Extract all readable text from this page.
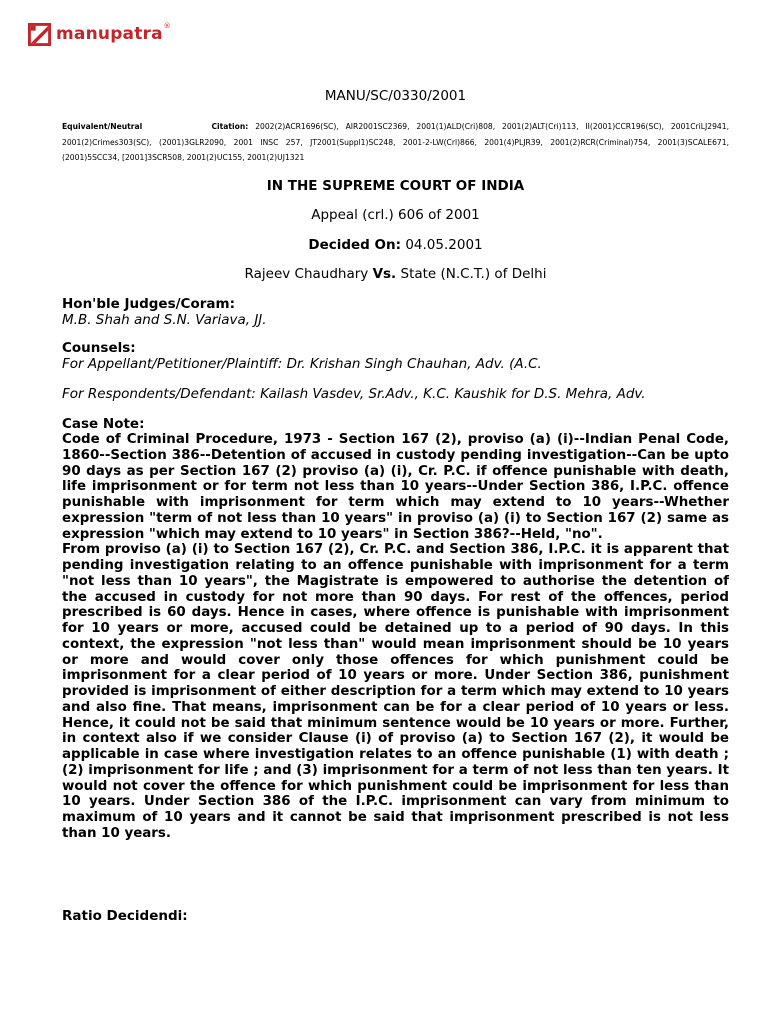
manupatra ®
MANU/SC/0330/2001
Equivalent/Neutral	Citation: 2002(2)ACR1696(SC), AIR2001SC2369, 2001(1)ALD(Cri)808, 2001(2)ALT(Cri)113, II(2001)CCR196(SC), 2001CriLJ2941, 2001(2)Crimes303(SC), (2001)3GLR2090, 2001 INSC 257, JT2001(Suppl1)SC248, 2001-2-LW(Crl)866, 2001(4)PLJR39, 2001(2)RCR(Criminal)754, 2001(3)SCALE671, (2001)5SCC34, [2001]3SCR508, 2001(2)UC155, 2001(2)UJ1321
IN THE SUPREME COURT OF INDIA
Appeal (crl.) 606 of 2001
Decided On: 04.05.2001
Rajeev Chaudhary Vs. State (N.C.T.) of Delhi
Hon'ble Judges/Coram:
M.B. Shah and S.N. Variava, JJ.
Counsels:
For Appellant/Petitioner/Plaintiff: Dr. Krishan Singh Chauhan, Adv. (A.C.
For Respondents/Defendant: Kailash Vasdev, Sr.Adv., K.C. Kaushik for D.S. Mehra, Adv.
Case Note:

Code of Criminal Procedure, 1973 - Section 167 (2), proviso (a) (i)--Indian Penal Code, 1860--Section 386--Detention of accused in custody pending investigation--Can be upto 90 days as per Section 167 (2) proviso (a) (i), Cr. P.C. if offence punishable with death, life imprisonment or for term not less than 10 years--Under Section 386, I.P.C. offence punishable with imprisonment for term which may extend to 10 years--Whether expression "term of not less than 10 years" in proviso (a) (i) to Section 167 (2) same as expression "which may extend to 10 years" in Section 386?--Held, "no".

From proviso (a) (i) to Section 167 (2), Cr. P.C. and Section 386, I.P.C. it is apparent that pending investigation relating to an offence punishable with imprisonment for a term "not less than 10 years", the Magistrate is empowered to authorise the detention of the accused in custody for not more than 90 days. For rest of the offences, period prescribed is 60 days. Hence in cases, where offence is punishable with imprisonment for 10 years or more, accused could be detained up to a period of 90 days. In this context, the expression "not less than" would mean imprisonment should be 10 years or more and would cover only those offences for which punishment could be imprisonment for a clear period of 10 years or more. Under Section 386, punishment provided is imprisonment of either description for a term which may extend to 10 years and also fine. That means, imprisonment can be for a clear period of 10 years or less. Hence, it could not be said that minimum sentence would be 10 years or more. Further, in context also if we consider Clause (i) of proviso (a) to Section 167 (2), it would be applicable in case where investigation relates to an offence punishable (1) with death ; (2) imprisonment for life ; and (3) imprisonment for a term of not less than ten years. It would not cover the offence for which punishment could be imprisonment for less than 10 years. Under Section 386 of the I.P.C. imprisonment can vary from minimum to maximum of 10 years and it cannot be said that imprisonment prescribed is not less than 10 years.

Ratio Decidendi:
